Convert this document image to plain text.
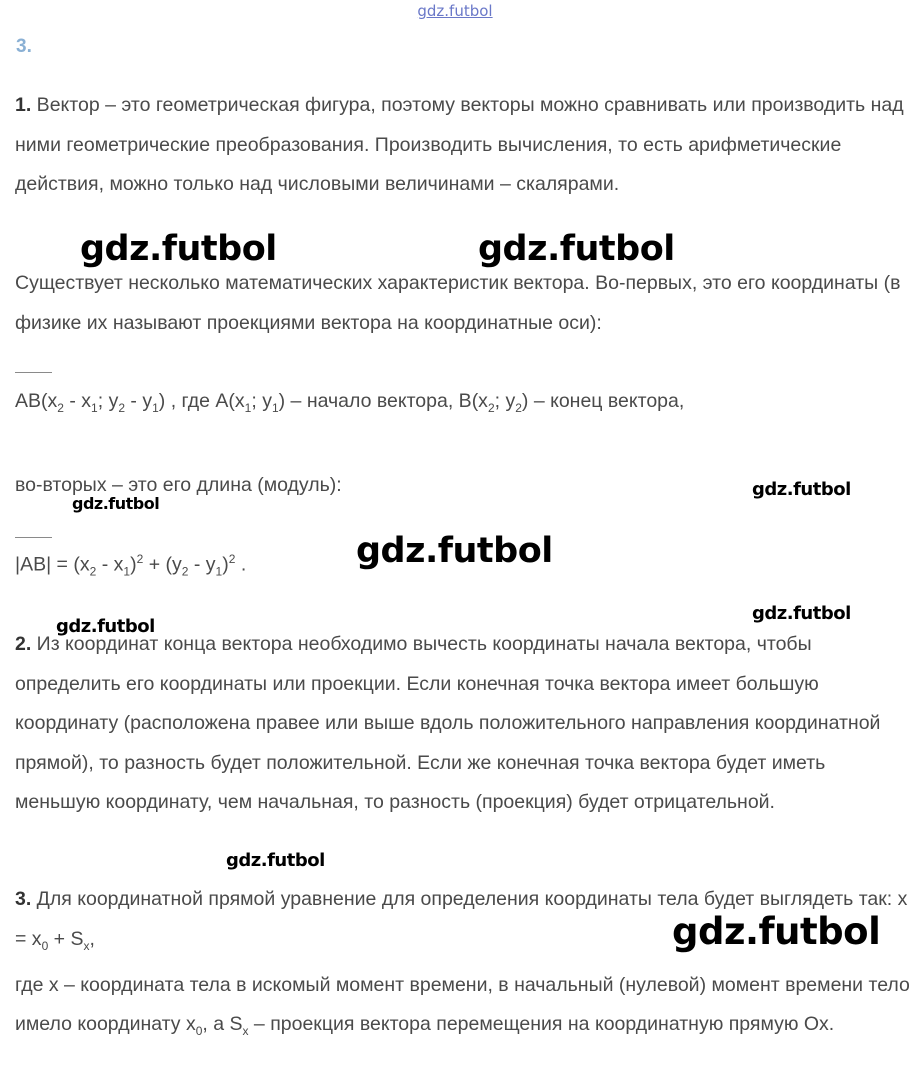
gdz.futbol
3.

1. Вектор – это геометрическая фигура, поэтому векторы можно сравнивать или производить над ними геометрические преобразования. Производить вычисления, то есть арифметические действия, можно только над числовыми величинами – скалярами.

Существует несколько математических характеристик вектора. Во-первых, это его координаты (в физике их называют проекциями вектора на координатные оси):

$AB(x_2 - x_1$; $y_2 - y_1$) , где $A(x_1$; $y_1$) – начало вектора, $B(x_2$; $y_2$) – конец вектора,

во-вторых – это его длина (модуль):

$|AB| = (x_2 - x_1)^2 + (y_2 - y_1)^2$ .

2. Из координат конца вектора необходимо вычесть координаты начала вектора, чтобы определить его координаты или проекции. Если конечная точка вектора имеет большую координату (расположена правее или выше вдоль положительного направления координатной прямой), то разность будет положительной. Если же конечная точка вектора будет иметь меньшую координату, чем начальная, то разность (проекция) будет отрицательной.

3. Для координатной прямой уравнение для определения координаты тела будет выглядеть так: $x = x_0 + S_x$,
где x – координата тела в искомый момент времени, в начальный (нулевой) момент времени тело имело координату $x_0$, а $S_x$ – проекция вектора перемещения на координатную прямую Ox.

gdz.futbol	gdz.futbol
gdz.futbol
gdz.futbol
gdz.futbol
gdz.futbol
gdz.futbol
gdz.futbol
gdz.futbol
